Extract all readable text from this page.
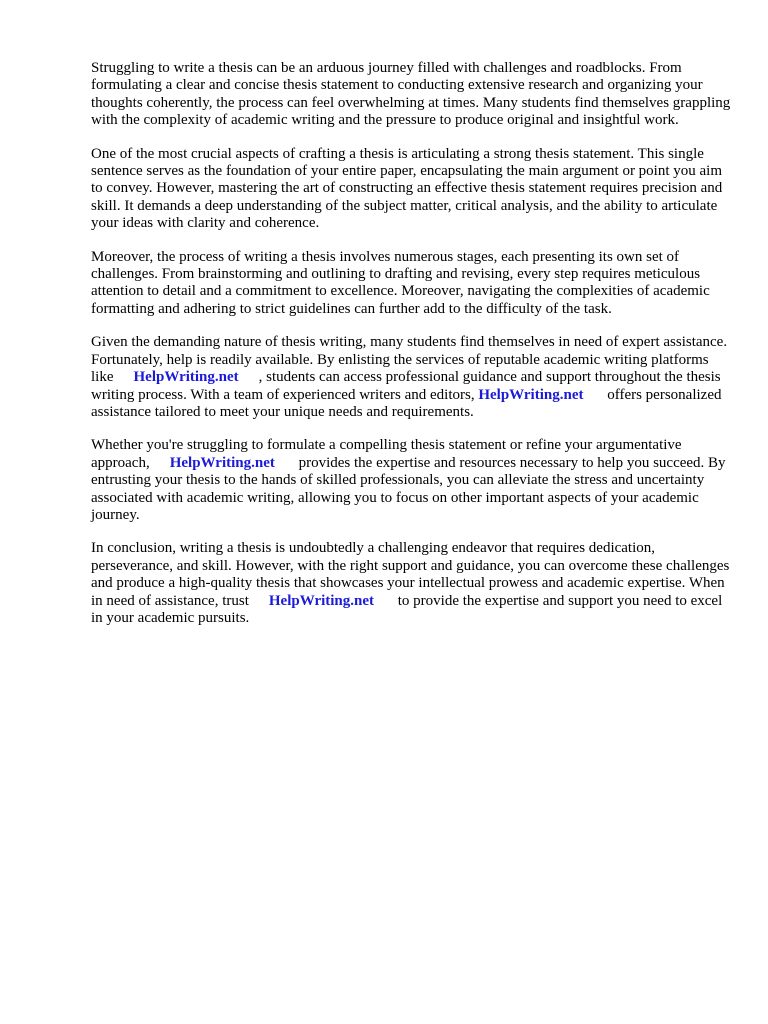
Struggling to write a thesis can be an arduous journey filled with challenges and roadblocks. From formulating a clear and concise thesis statement to conducting extensive research and organizing your thoughts coherently, the process can feel overwhelming at times. Many students find themselves grappling with the complexity of academic writing and the pressure to produce original and insightful work.

One of the most crucial aspects of crafting a thesis is articulating a strong thesis statement. This single sentence serves as the foundation of your entire paper, encapsulating the main argument or point you aim to convey. However, mastering the art of constructing an effective thesis statement requires precision and skill. It demands a deep understanding of the subject matter, critical analysis, and the ability to articulate your ideas with clarity and coherence.

Moreover, the process of writing a thesis involves numerous stages, each presenting its own set of challenges. From brainstorming and outlining to drafting and revising, every step requires meticulous attention to detail and a commitment to excellence. Moreover, navigating the complexities of academic formatting and adhering to strict guidelines can further add to the difficulty of the task.

Given the demanding nature of thesis writing, many students find themselves in need of expert assistance. Fortunately, help is readily available. By enlisting the services of reputable academic writing platforms like HelpWriting.net , students can access professional guidance and support throughout the thesis writing process. With a team of experienced writers and editors, HelpWriting.net offers personalized assistance tailored to meet your unique needs and requirements.

Whether you're struggling to formulate a compelling thesis statement or refine your argumentative approach, HelpWriting.net provides the expertise and resources necessary to help you succeed. By entrusting your thesis to the hands of skilled professionals, you can alleviate the stress and uncertainty associated with academic writing, allowing you to focus on other important aspects of your academic journey.

In conclusion, writing a thesis is undoubtedly a challenging endeavor that requires dedication, perseverance, and skill. However, with the right support and guidance, you can overcome these challenges and produce a high-quality thesis that showcases your intellectual prowess and academic expertise. When in need of assistance, trust HelpWriting.net to provide the expertise and support you need to excel in your academic pursuits.
